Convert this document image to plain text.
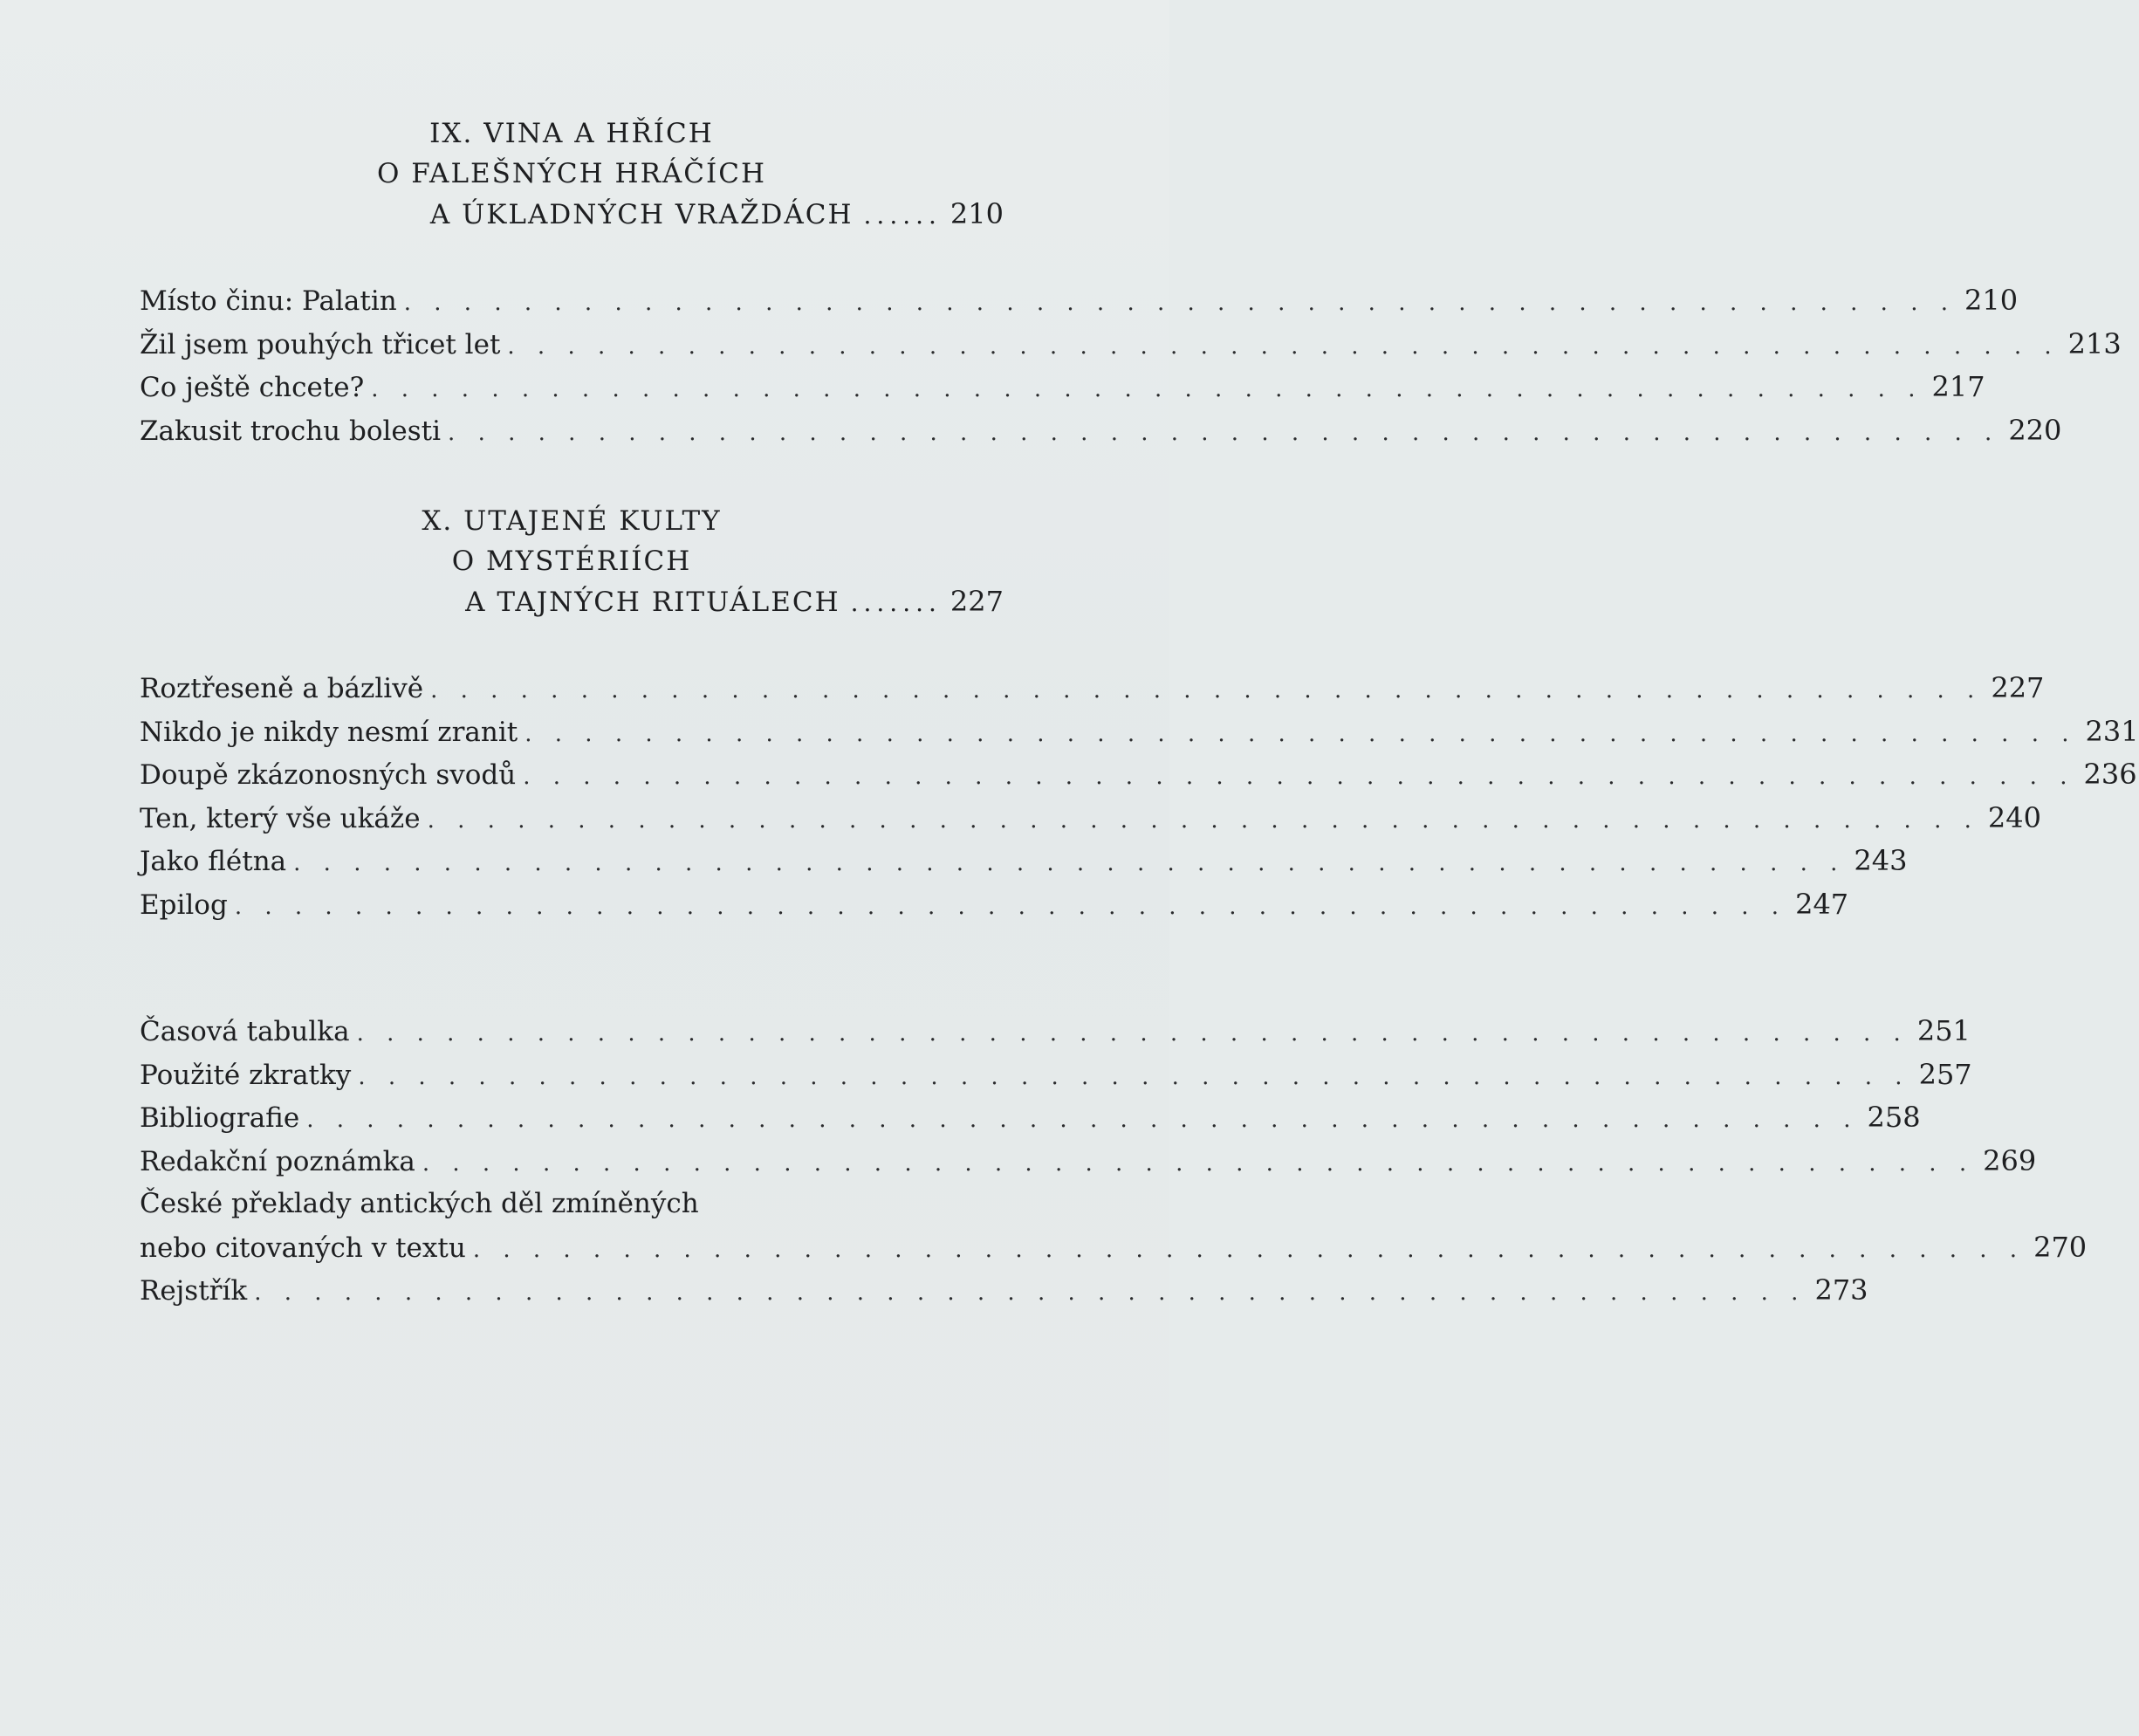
IX. VINA A HŘÍCH
O FALEŠNÝCH HRÁČÍCH
A ÚKLADNÝCH VRAŽDÁCH ...... 210
Místo činu: Palatin . . . . . . . . . . . . . . . . . . . . . . . . . . . . . . . . . . . . . . . . . . . . . . . . . . . . 210
Žil jsem pouhých třicet let . . . . . . . . . . . . . . . . . . . . . . . . . . . . . . . . . . . . . . . . . . . . . . . . . . . . 213
Co ještě chcete? . . . . . . . . . . . . . . . . . . . . . . . . . . . . . . . . . . . . . . . . . . . . . . . . . . . . 217
Zakusit trochu bolesti . . . . . . . . . . . . . . . . . . . . . . . . . . . . . . . . . . . . . . . . . . . . . . . . . . . . 220
X. UTAJENÉ KULTY
O MYSTÉRIÍCH
A TAJNÝCH RITUÁLECH ....... 227
Roztřeseně a bázlivě . . . . . . . . . . . . . . . . . . . . . . . . . . . . . . . . . . . . . . . . . . . . . . . . . . . . 227
Nikdo je nikdy nesmí zranit . . . . . . . . . . . . . . . . . . . . . . . . . . . . . . . . . . . . . . . . . . . . . . . . . . . . 231
Doupě zkázonosných svodů . . . . . . . . . . . . . . . . . . . . . . . . . . . . . . . . . . . . . . . . . . . . . . . . . . . . 236
Ten, který vše ukáže . . . . . . . . . . . . . . . . . . . . . . . . . . . . . . . . . . . . . . . . . . . . . . . . . . . . 240
Jako flétna . . . . . . . . . . . . . . . . . . . . . . . . . . . . . . . . . . . . . . . . . . . . . . . . . . . . 243
Epilog . . . . . . . . . . . . . . . . . . . . . . . . . . . . . . . . . . . . . . . . . . . . . . . . . . . . 247
Časová tabulka . . . . . . . . . . . . . . . . . . . . . . . . . . . . . . . . . . . . . . . . . . . . . . . . . . . . 251
Použité zkratky . . . . . . . . . . . . . . . . . . . . . . . . . . . . . . . . . . . . . . . . . . . . . . . . . . . . 257
Bibliografie . . . . . . . . . . . . . . . . . . . . . . . . . . . . . . . . . . . . . . . . . . . . . . . . . . . . 258
Redakční poznámka . . . . . . . . . . . . . . . . . . . . . . . . . . . . . . . . . . . . . . . . . . . . . . . . . . . . 269
České překlady antických děl zmíněných
nebo citovaných v textu . . . . . . . . . . . . . . . . . . . . . . . . . . . . . . . . . . . . . . . . . . . . . . . . . . . . 270
Rejstřík . . . . . . . . . . . . . . . . . . . . . . . . . . . . . . . . . . . . . . . . . . . . . . . . . . . . 273
